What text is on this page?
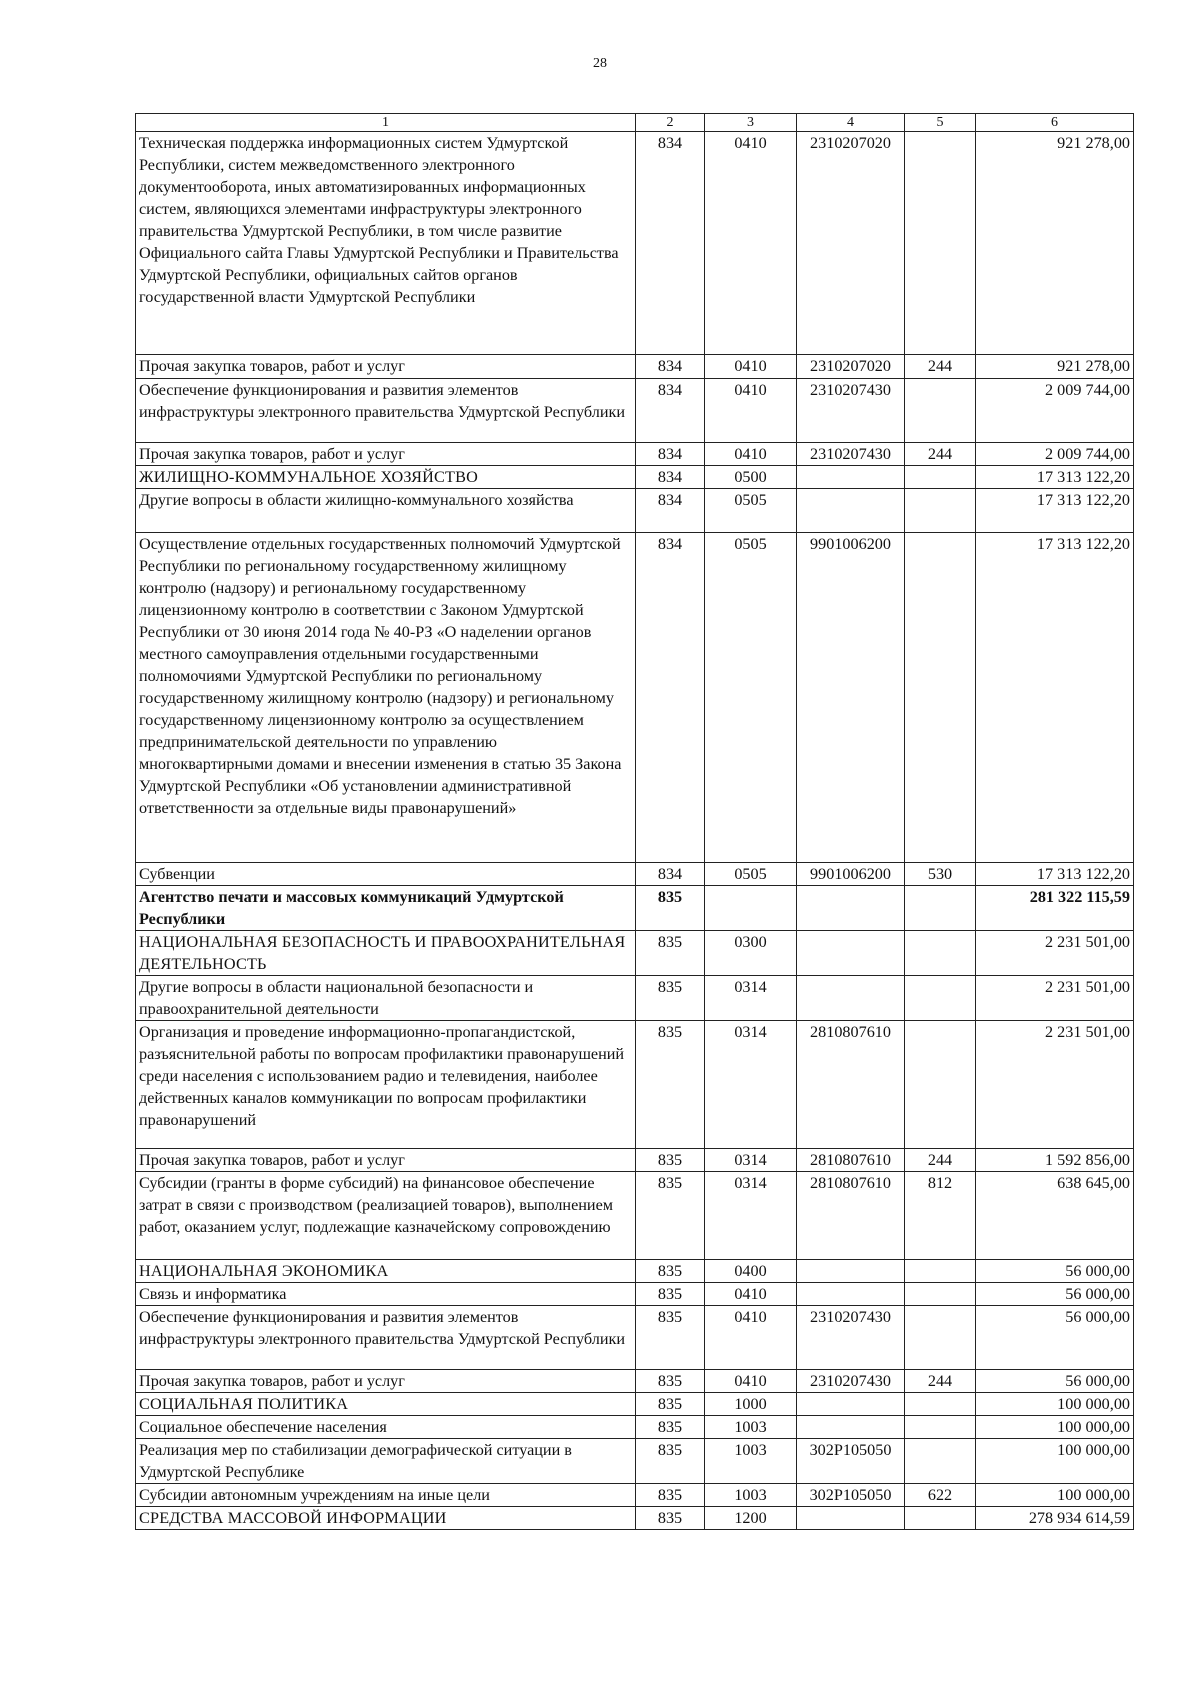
28
1	2	3	4	5	6
Техническая поддержка информационных систем Удмуртской Республики, систем межведомственного электронного документооборота, иных автоматизированных информационных систем, являющихся элементами инфраструктуры электронного правительства Удмуртской Республики, в том числе развитие Официального сайта Главы Удмуртской Республики и Правительства Удмуртской Республики, официальных сайтов органов государственной власти Удмуртской Республики	834	0410	2310207020		921 278,00
Прочая закупка товаров, работ и услуг	834	0410	2310207020	244	921 278,00
Обеспечение функционирования и развития элементов инфраструктуры электронного правительства Удмуртской Республики	834	0410	2310207430		2 009 744,00
Прочая закупка товаров, работ и услуг	834	0410	2310207430	244	2 009 744,00
ЖИЛИЩНО-КОММУНАЛЬНОЕ ХОЗЯЙСТВО	834	0500			17 313 122,20
Другие вопросы в области жилищно-коммунального хозяйства	834	0505			17 313 122,20
Осуществление отдельных государственных полномочий Удмуртской Республики по региональному государственному жилищному контролю (надзору) и региональному государственному лицензионному контролю в соответствии с Законом Удмуртской Республики от 30 июня 2014 года № 40-РЗ «О наделении органов местного самоуправления отдельными государственными полномочиями Удмуртской Республики по региональному государственному жилищному контролю (надзору) и региональному государственному лицензионному контролю за осуществлением предпринимательской деятельности по управлению многоквартирными домами и внесении изменения в статью 35 Закона Удмуртской Республики «Об установлении административной ответственности за отдельные виды правонарушений»	834	0505	9901006200		17 313 122,20
Субвенции	834	0505	9901006200	530	17 313 122,20
Агентство печати и массовых коммуникаций Удмуртской Республики	835				281 322 115,59
НАЦИОНАЛЬНАЯ БЕЗОПАСНОСТЬ И ПРАВООХРАНИТЕЛЬНАЯ ДЕЯТЕЛЬНОСТЬ	835	0300			2 231 501,00
Другие вопросы в области национальной безопасности и правоохранительной деятельности	835	0314			2 231 501,00
Организация и проведение информационно-пропагандистской, разъяснительной работы по вопросам профилактики правонарушений среди населения с использованием радио и телевидения, наиболее действенных каналов коммуникации по вопросам профилактики правонарушений	835	0314	2810807610		2 231 501,00
Прочая закупка товаров, работ и услуг	835	0314	2810807610	244	1 592 856,00
Субсидии (гранты в форме субсидий) на финансовое обеспечение затрат в связи с производством (реализацией товаров), выполнением работ, оказанием услуг, подлежащие казначейскому сопровождению	835	0314	2810807610	812	638 645,00
НАЦИОНАЛЬНАЯ ЭКОНОМИКА	835	0400			56 000,00
Связь и информатика	835	0410			56 000,00
Обеспечение функционирования и развития элементов инфраструктуры электронного правительства Удмуртской Республики	835	0410	2310207430		56 000,00
Прочая закупка товаров, работ и услуг	835	0410	2310207430	244	56 000,00
СОЦИАЛЬНАЯ ПОЛИТИКА	835	1000			100 000,00
Социальное обеспечение населения	835	1003			100 000,00
Реализация мер по стабилизации демографической ситуации в Удмуртской Республике	835	1003	302Р105050		100 000,00
Субсидии автономным учреждениям на иные цели	835	1003	302Р105050	622	100 000,00
СРЕДСТВА МАССОВОЙ ИНФОРМАЦИИ	835	1200			278 934 614,59
